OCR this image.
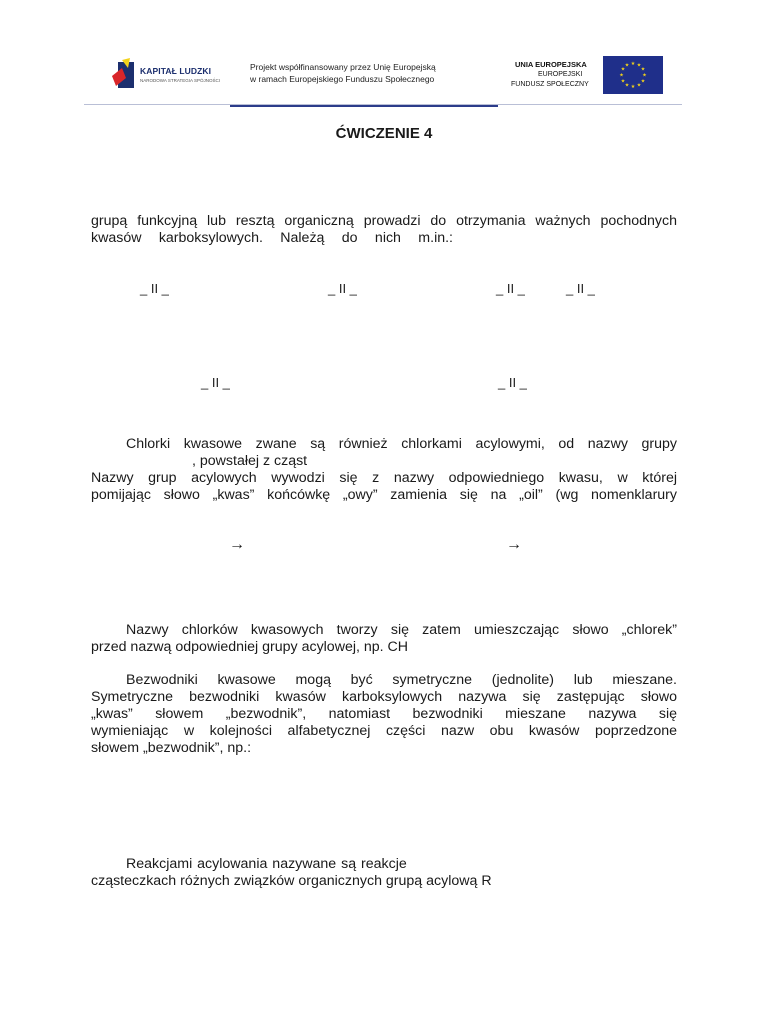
KAPITAŁ LUDZKI
NARODOWA STRATEGIA SPÓJNOŚCI
Projekt współfinansowany przez Unię Europejską
w ramach Europejskiego Funduszu Społecznego
UNIA EUROPEJSKA
EUROPEJSKI
FUNDUSZ SPOŁECZNY
★ ★
★
★
★
★
★
★
★
★
★
★
ĆWICZENIE 4
grupą funkcyjną lub resztą organiczną prowadzi do otrzymania ważnych pochodnych
kwasów karboksylowych. Należą do nich m.in.:
_ II _	_ II _	_ II _	_ II _
_ II _	_ II _
Chlorki kwasowe zwane są również chlorkami acylowymi, od nazwy grupy
, powstałej z cząst
Nazwy grup acylowych wywodzi się z nazwy odpowiedniego kwasu, w której
pomijając słowo „kwas” końcówkę „owy” zamienia się na „oil” (wg nomenklarury
→	→
Nazwy chlorków kwasowych tworzy się zatem umieszczając słowo „chlorek”
przed nazwą odpowiedniej grupy acylowej, np. CH
Bezwodniki kwasowe mogą być symetryczne (jednolite) lub mieszane.
Symetryczne bezwodniki kwasów karboksylowych nazywa się zastępując słowo
„kwas” słowem „bezwodnik”, natomiast bezwodniki mieszane nazywa się
wymieniając w kolejności alfabetycznej części nazw obu kwasów poprzedzone
słowem „bezwodnik”, np.:
Reakcjami acylowania nazywane są reakcje
cząsteczkach różnych związków organicznych grupą acylową R
